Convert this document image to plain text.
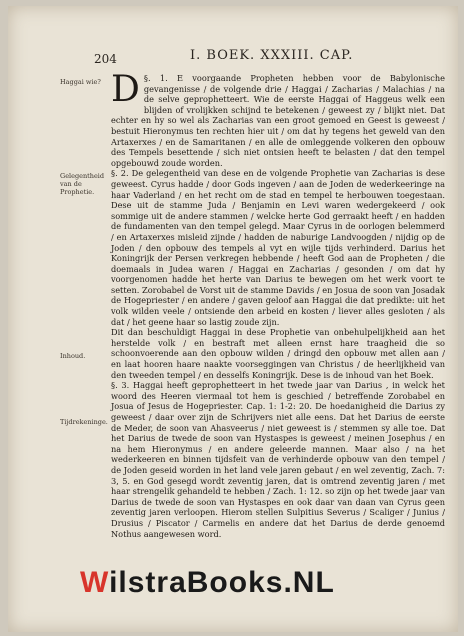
204	I. BOEK. XXXIII. CAP.
Haggai wie?
Gelegentheid van de Prophetie.
Inhoud.
Tijdrekeninge.

§. 1.
D	E voorgaande Propheten hebben voor de Babylonische gevangenisse / de volgende drie / Haggai / Zacharias / Malachias / na de selve geprophetteert. Wie de eerste Haggai of Haggeus welk een blijden of vrolijkken schijnd te betekenen / geweest zy / blijkt niet. Dat echter en hy so wel als Zacharias van een groot gemoed en Geest is geweest / bestuit Hieronymus ten rechten hier uit / om dat hy tegens het geweld van den Artaxerxes / en de Samaritanen / en alle de omleggende volkeren den opbouw des Tempels besettende / sich niet ontsien heeft te belasten / dat den tempel opgebouwd zoude worden.

§. 2. De gelegentheid van dese en de volgende Prophetie van Zacharias is dese geweest. Cyrus hadde / door Gods ingeven / aan de Joden de wederkeeringe na haar Vaderland / en het recht om de stad en tempel te herbouwen toegestaan. Dese uit de stamme Juda / Benjamin en Levi waren wedergekeerd / ook sommige uit de andere stammen / welcke herte God gerraakt heeft / en hadden de fundamenten van den tempel gelegd. Maar Cyrus in de oorlogen belemmerd / en Artaxerxes misleid zijnde / hadden de naburige Landvoogden / nijdig op de Joden / den opbouw des tempels al vyt en wijle tijds verhinderd. Darius het Koningrijk der Persen verkregen hebbende / heeft God aan de Propheten / die doemaals in Judea waren / Haggai en Zacharias / gesonden / om dat hy voorgenomen hadde het herte van Darius te bewegen om het werk voort te setten. Zorobabel de Vorst uit de stamme Davids / en Josua de soon van Josadak de Hogepriester / en andere / gaven geloof aan Haggai die dat predikte: uit het volk wilden veele / ontsiende den arbeid en kosten / liever alles gesloten / als dat / het geene haar so lastig zoude zijn.

Dit dan beschuldigt Haggai in dese Prophetie van onbehulpelijkheid aan het herstelde volk / en bestraft met alleen ernst hare traagheid die so schoonvoerende aan den opbouw wilden / dringd den opbouw met allen aan / en laat hooren haare naakte voorseggingen van Christus / de heerlijkheid van den tweeden tempel / en desselfs Koningrijk. Dese is de inhoud van het Boek.

§. 3. Haggai heeft geprophetteert in het twede jaar van Darius , in welck het woord des Heeren viermaal tot hem is geschied / betreffende Zorobabel en Josua of Jesus de Hogepriester. Cap. 1: 1-2: 20. De hoedanigheid die Darius zy geweest / daar over zijn de Schrijvers niet alle eens. Dat het Darius de eerste de Meder, de soon van Ahasveerus / niet geweest is / stemmen sy alle toe. Dat het Darius de twede de soon van Hystaspes is geweest / meinen Josephus / en na hem Hieronymus / en andere geleerde mannen. Maar also / na het wederkeeren en binnen tijdsfeit van de verhinderde opbouw van den tempel / de Joden geseid worden in het land vele jaren gebaut / en wel zeventig, Zach. 7: 3, 5. en God gesegd wordt zeventig jaren, dat is omtrend zeventig jaren / met haar strengelik gehandeld te hebben / Zach. 1: 12. so zijn op het twede jaar van Darius de twede de soon van Hystaspes en ook daar van daan van Cyrus geen zeventig jaren verloopen. Hierom stellen Sulpitius Severus / Scaliger / Junius / Drusius / Piscator / Carmelis en andere dat het Darius de derde genoemd Nothus aangewesen word.

WilstraBooks.NL
